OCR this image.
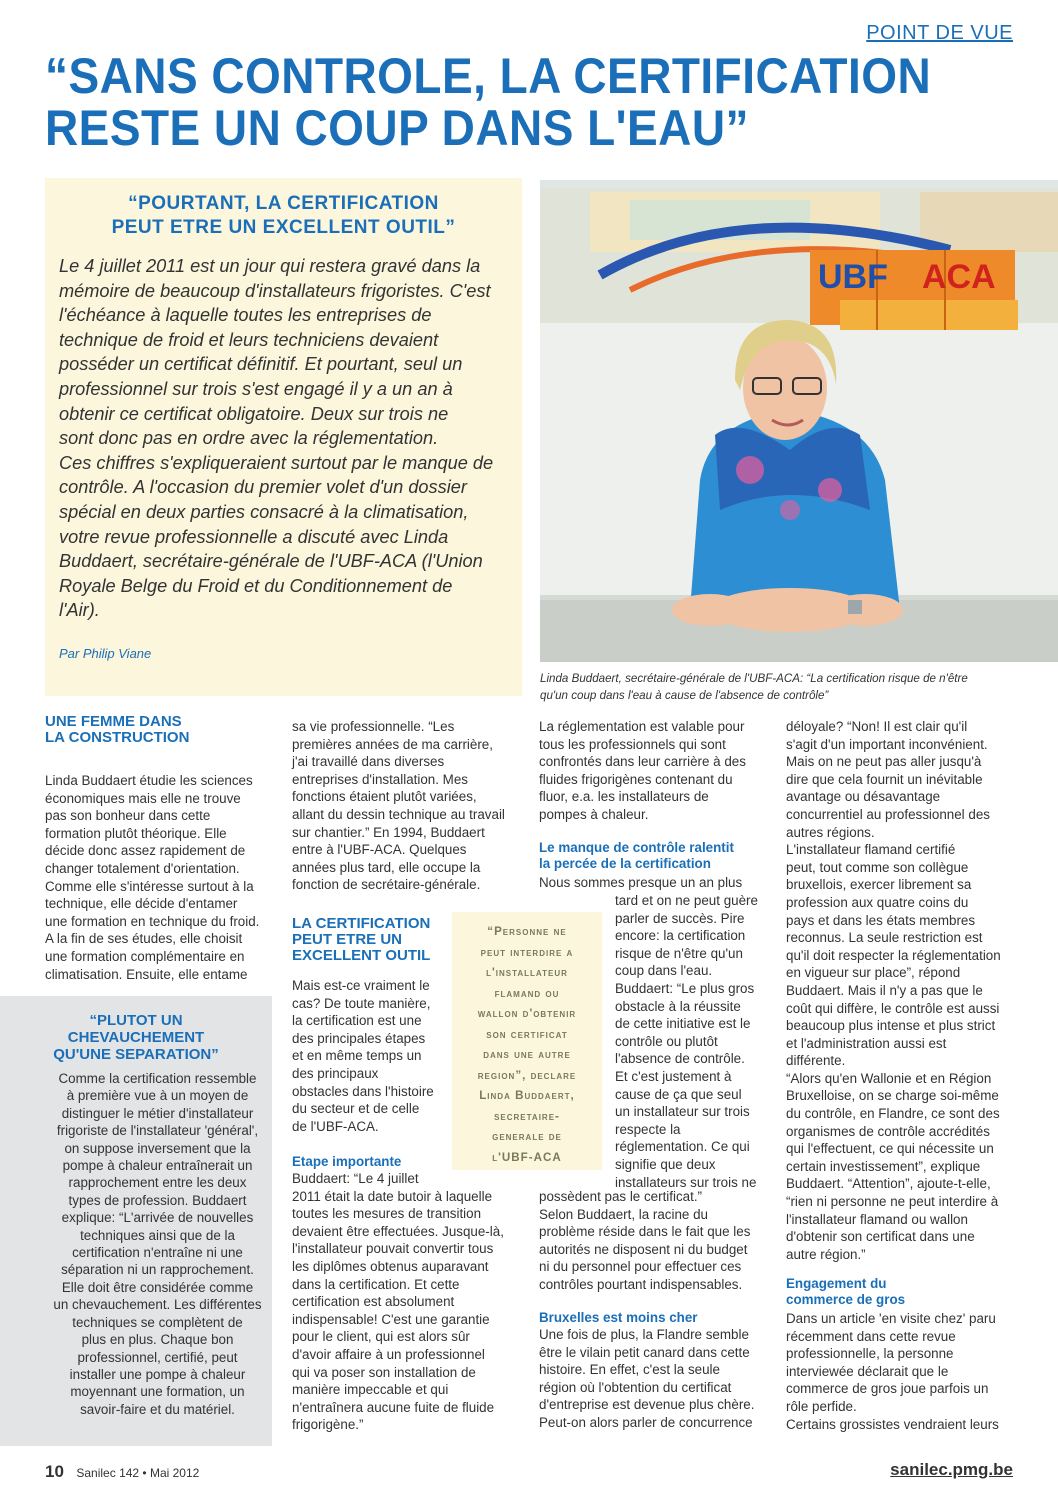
POINT DE VUE
“SANS CONTROLE, LA CERTIFICATION
RESTE UN COUP DANS L'EAU”
“POURTANT, LA CERTIFICATION
PEUT ETRE UN EXCELLENT OUTIL”
Le 4 juillet 2011 est un jour qui restera gravé dans la
mémoire de beaucoup d'installateurs frigoristes. C'est
l'échéance à laquelle toutes les entreprises de
technique de froid et leurs techniciens devaient
posséder un certificat définitif. Et pourtant, seul un
professionnel sur trois s'est engagé il y a un an à
obtenir ce certificat obligatoire. Deux sur trois ne
sont donc pas en ordre avec la réglementation.
Ces chiffres s'expliqueraient surtout par le manque de
contrôle. A l'occasion du premier volet d'un dossier
spécial en deux parties consacré à la climatisation,
votre revue professionnelle a discuté avec Linda
Buddaert, secrétaire-générale de l'UBF-ACA (l'Union
Royale Belge du Froid et du Conditionnement de
l'Air).
Par Philip Viane
UBF ACA
Linda Buddaert, secrétaire-générale de l'UBF-ACA: “La certification risque de n'être
qu'un coup dans l'eau à cause de l'absence de contrôle”
UNE FEMME DANS
LA CONSTRUCTION
Linda Buddaert étudie les sciences
économiques mais elle ne trouve
pas son bonheur dans cette
formation plutôt théorique. Elle
décide donc assez rapidement de
changer totalement d'orientation.
Comme elle s'intéresse surtout à la
technique, elle décide d'entamer
une formation en technique du froid.
A la fin de ses études, elle choisit
une formation complémentaire en
climatisation. Ensuite, elle entame
“PLUTOT UN
CHEVAUCHEMENT
QU'UNE SEPARATION”
Comme la certification ressemble
à première vue à un moyen de
distinguer le métier d'installateur
frigoriste de l'installateur 'général',
on suppose inversement que la
pompe à chaleur entraînerait un
rapprochement entre les deux
types de profession. Buddaert
explique: “L'arrivée de nouvelles
techniques ainsi que de la
certification n'entraîne ni une
séparation ni un rapprochement.
Elle doit être considérée comme
un chevauchement. Les différentes
techniques se complètent de
plus en plus. Chaque bon
professionnel, certifié, peut
installer une pompe à chaleur
moyennant une formation, un
savoir-faire et du matériel.
sa vie professionnelle. “Les
premières années de ma carrière,
j'ai travaillé dans diverses
entreprises d'installation. Mes
fonctions étaient plutôt variées,
allant du dessin technique au travail
sur chantier.” En 1994, Buddaert
entre à l'UBF-ACA. Quelques
années plus tard, elle occupe la
fonction de secrétaire-générale.
LA CERTIFICATION
PEUT ETRE UN
EXCELLENT OUTIL
Mais est-ce vraiment le
cas? De toute manière,
la certification est une
des principales étapes
et en même temps un
des principaux
obstacles dans l'histoire
du secteur et de celle
de l'UBF-ACA.
Etape importante
Buddaert: “Le 4 juillet
2011 était la date butoir à laquelle
toutes les mesures de transition
devaient être effectuées. Jusque-là,
l'installateur pouvait convertir tous
les diplômes obtenus auparavant
dans la certification. Et cette
certification est absolument
indispensable! C'est une garantie
pour le client, qui est alors sûr
d'avoir affaire à un professionnel
qui va poser son installation de
manière impeccable et qui
n'entraînera aucune fuite de fluide
frigorigène.”
“Personne ne
peut interdire a
l'installateur
flamand ou
wallon d'obtenir
son certificat
dans une autre
region”, declare
Linda Buddaert,
secretaire-
generale de
l'UBF-ACA
La réglementation est valable pour
tous les professionnels qui sont
confrontés dans leur carrière à des
fluides frigorigènes contenant du
fluor, e.a. les installateurs de
pompes à chaleur.
Le manque de contrôle ralentit
la percée de la certification
Nous sommes presque un an plus
tard et on ne peut guère
parler de succès. Pire
encore: la certification
risque de n'être qu'un
coup dans l'eau.
Buddaert: “Le plus gros
obstacle à la réussite
de cette initiative est le
contrôle ou plutôt
l'absence de contrôle.
Et c'est justement à
cause de ça que seul
un installateur sur trois
respecte la
réglementation. Ce qui
signifie que deux
installateurs sur trois ne
possèdent pas le certificat.”
Selon Buddaert, la racine du
problème réside dans le fait que les
autorités ne disposent ni du budget
ni du personnel pour effectuer ces
contrôles pourtant indispensables.
Bruxelles est moins cher
Une fois de plus, la Flandre semble
être le vilain petit canard dans cette
histoire. En effet, c'est la seule
région où l'obtention du certificat
d'entreprise est devenue plus chère.
Peut-on alors parler de concurrence
déloyale? “Non! Il est clair qu'il
s'agit d'un important inconvénient.
Mais on ne peut pas aller jusqu'à
dire que cela fournit un inévitable
avantage ou désavantage
concurrentiel au professionnel des
autres régions.
L'installateur flamand certifié
peut, tout comme son collègue
bruxellois, exercer librement sa
profession aux quatre coins du
pays et dans les états membres
reconnus. La seule restriction est
qu'il doit respecter la réglementation
en vigueur sur place”, répond
Buddaert. Mais il n'y a pas que le
coût qui diffère, le contrôle est aussi
beaucoup plus intense et plus strict
et l'administration aussi est
différente.
“Alors qu'en Wallonie et en Région
Bruxelloise, on se charge soi-même
du contrôle, en Flandre, ce sont des
organismes de contrôle accrédités
qui l'effectuent, ce qui nécessite un
certain investissement”, explique
Buddaert. “Attention”, ajoute-t-elle,
“rien ni personne ne peut interdire à
l'installateur flamand ou wallon
d'obtenir son certificat dans une
autre région.”
Engagement du
commerce de gros
Dans un article 'en visite chez' paru
récemment dans cette revue
professionnelle, la personne
interviewée déclarait que le
commerce de gros joue parfois un
rôle perfide.
Certains grossistes vendraient leurs
10 Sanilec 142 • Mai 2012	sanilec.pmg.be
